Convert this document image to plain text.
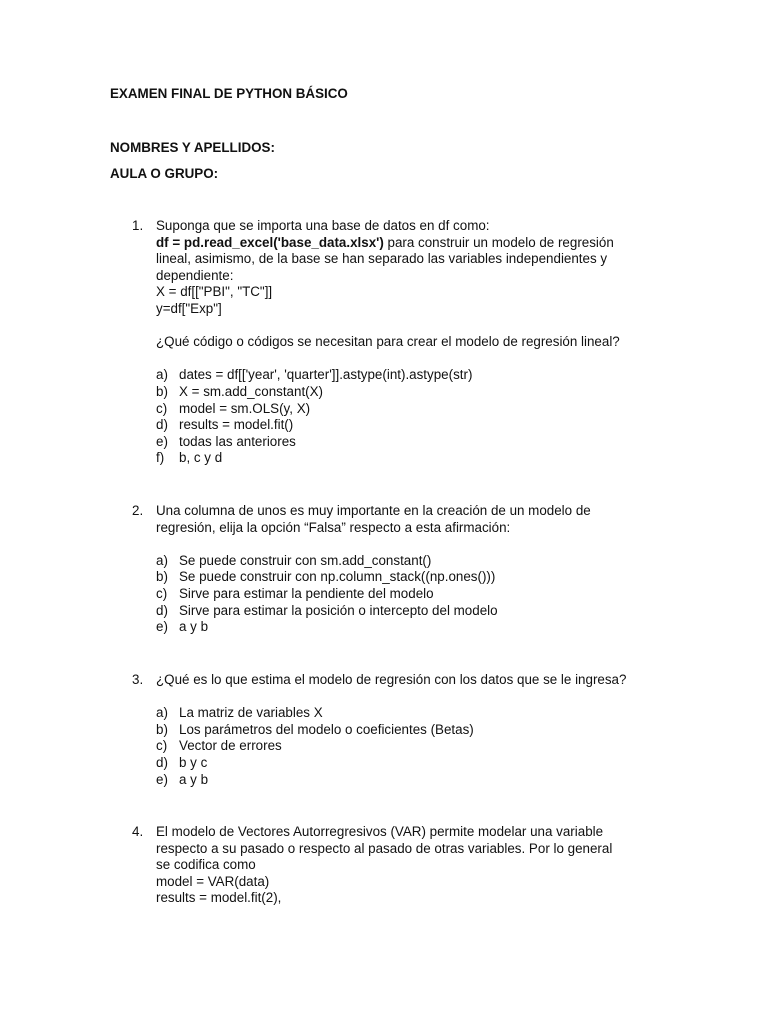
EXAMEN FINAL DE PYTHON BÁSICO
NOMBRES Y APELLIDOS:
AULA O GRUPO:
1. Suponga que se importa una base de datos en df como:
df = pd.read_excel('base_data.xlsx') para construir un modelo de regresión
lineal, asimismo, de la base se han separado las variables independientes y
dependiente:
X = df[["PBI", "TC"]]
y=df["Exp"]
¿Qué código o códigos se necesitan para crear el modelo de regresión lineal?
a) dates = df[['year', 'quarter']].astype(int).astype(str)
b) X = sm.add_constant(X)
c) model = sm.OLS(y, X)
d) results = model.fit()
e) todas las anteriores
f) b, c y d
2. Una columna de unos es muy importante en la creación de un modelo de
regresión, elija la opción “Falsa” respecto a esta afirmación:
a) Se puede construir con sm.add_constant()
b) Se puede construir con np.column_stack((np.ones()))
c) Sirve para estimar la pendiente del modelo
d) Sirve para estimar la posición o intercepto del modelo
e) a y b
3. ¿Qué es lo que estima el modelo de regresión con los datos que se le ingresa?
a) La matriz de variables X
b) Los parámetros del modelo o coeficientes (Betas)
c) Vector de errores
d) b y c
e) a y b
4. El modelo de Vectores Autorregresivos (VAR) permite modelar una variable
respecto a su pasado o respecto al pasado de otras variables. Por lo general
se codifica como
model = VAR(data)
results = model.fit(2),
